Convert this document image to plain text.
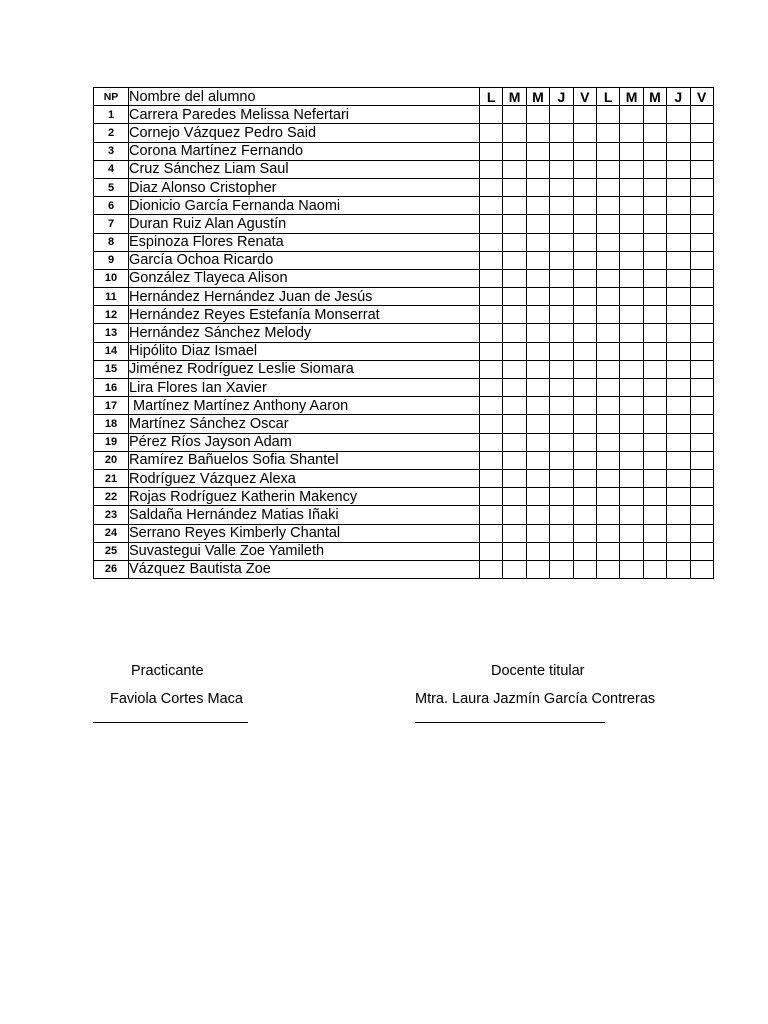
NP	Nombre del alumno	L	M	M	J	V	L	M	M	J	V
1	Carrera Paredes Melissa Nefertari										
2	Cornejo Vázquez Pedro Said										
3	Corona Martínez Fernando										
4	Cruz Sánchez Liam Saul										
5	Diaz Alonso Cristopher										
6	Dionicio García Fernanda Naomi										
7	Duran Ruiz Alan Agustín										
8	Espinoza Flores Renata										
9	García Ochoa Ricardo										
10	González Tlayeca Alison										
11	Hernández Hernández Juan de Jesús										
12	Hernández Reyes Estefanía Monserrat										
13	Hernández Sánchez Melody										
14	Hipólito Diaz Ismael										
15	Jiménez Rodríguez Leslie Siomara										
16	Lira Flores Ian Xavier										
17	Martínez Martínez Anthony Aaron										
18	Martínez Sánchez Oscar										
19	Pérez Ríos Jayson Adam										
20	Ramírez Bañuelos Sofia Shantel										
21	Rodríguez Vázquez Alexa										
22	Rojas Rodríguez Katherin Makency										
23	Saldaña Hernández Matias Iñaki										
24	Serrano Reyes Kimberly Chantal										
25	Suvastegui Valle Zoe Yamileth										
26	Vázquez Bautista Zoe										
Practicante
Faviola Cortes Maca
Docente titular
Mtra. Laura Jazmín García Contreras
